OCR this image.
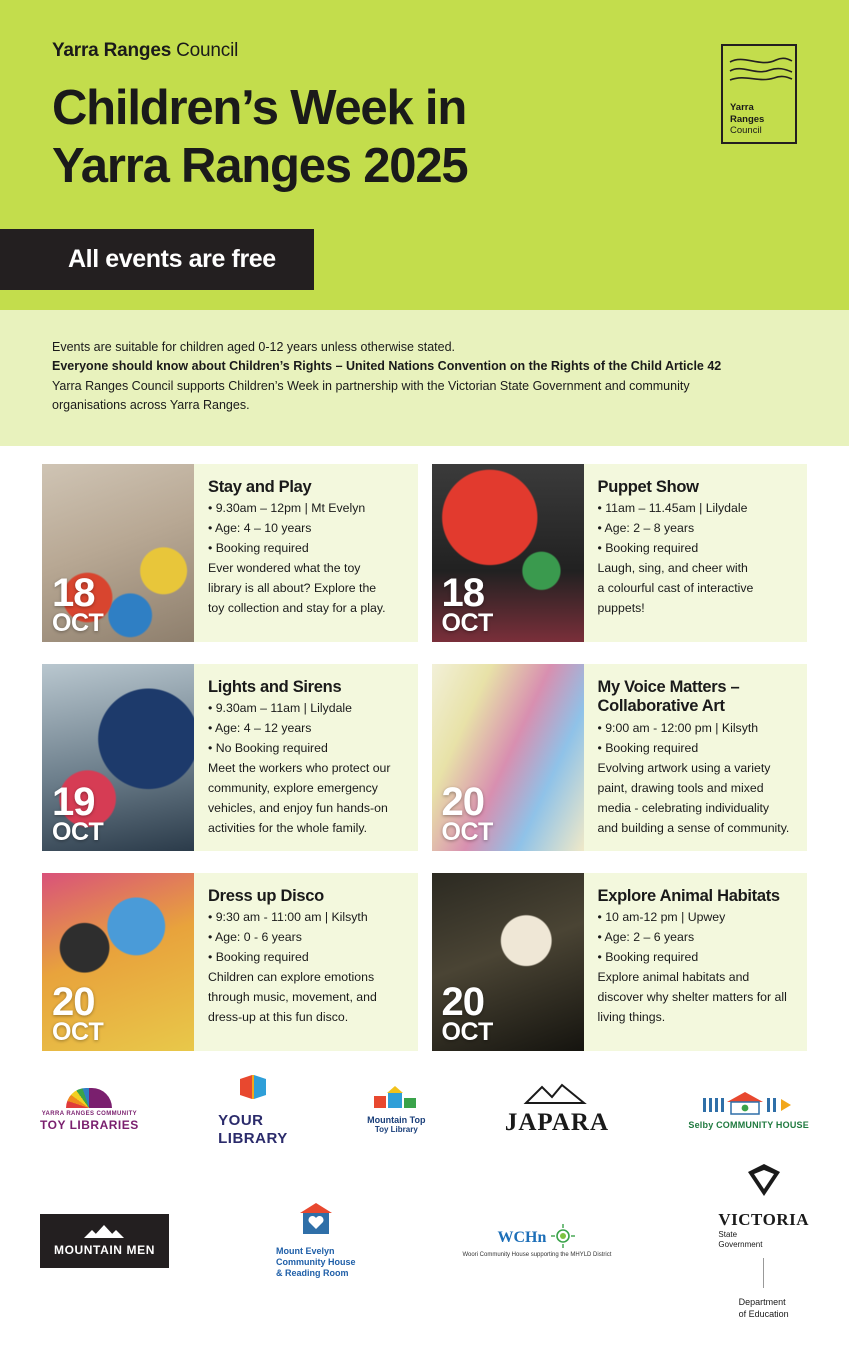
Yarra Ranges Council
Children’s Week in
Yarra Ranges 2025
Yarra
Ranges
Council
All events are free

Events are suitable for children aged 0-12 years unless otherwise stated.

Everyone should know about Children’s Rights – United Nations Convention on the Rights of the Child Article 42

Yarra Ranges Council supports Children’s Week in partnership with the Victorian State Government and community

organisations across Yarra Ranges.

18
OCT
Stay and Play
• 9.30am – 12pm | Mt Evelyn
• Age: 4 – 10 years
• Booking required
Ever wondered what the toy
library is all about? Explore the
toy collection and stay for a play. 18
OCT
Puppet Show
• 11am – 11.45am | Lilydale
• Age: 2 – 8 years
• Booking required
Laugh, sing, and cheer with
a colourful cast of interactive
puppets!
19
OCT
Lights and Sirens
• 9.30am – 11am | Lilydale
• Age: 4 – 12 years
• No Booking required
Meet the workers who protect our
community, explore emergency
vehicles, and enjoy fun hands-on
activities for the whole family.
20
OCT
My Voice Matters –
Collaborative Art
• 9:00 am - 12:00 pm | Kilsyth
• Booking required
Evolving artwork using a variety
paint, drawing tools and mixed
media - celebrating individuality
and building a sense of community.
20
OCT
Dress up Disco
• 9:30 am - 11:00 am | Kilsyth
• Age: 0 - 6 years
• Booking required
Children can explore emotions
through music, movement, and
dress-up at this fun disco.	20
OCT
Explore Animal Habitats
• 10 am-12 pm | Upwey
• Age: 2 – 6 years
• Booking required
Explore animal habitats and
discover why shelter matters for all
living things.
YARRA RANGES COMMUNITY
TOY LIBRARIES	YOUR
LIBRARY
Mountain Top
Toy Library	JAPARA	Selby COMMUNITY HOUSE
MOUNTAIN MEN	Mount Evelyn
Community House
& Reading Room
WCHn
Woori Community House supporting the MHYLD District
VICTORIA
State
Government
Department
of Education
